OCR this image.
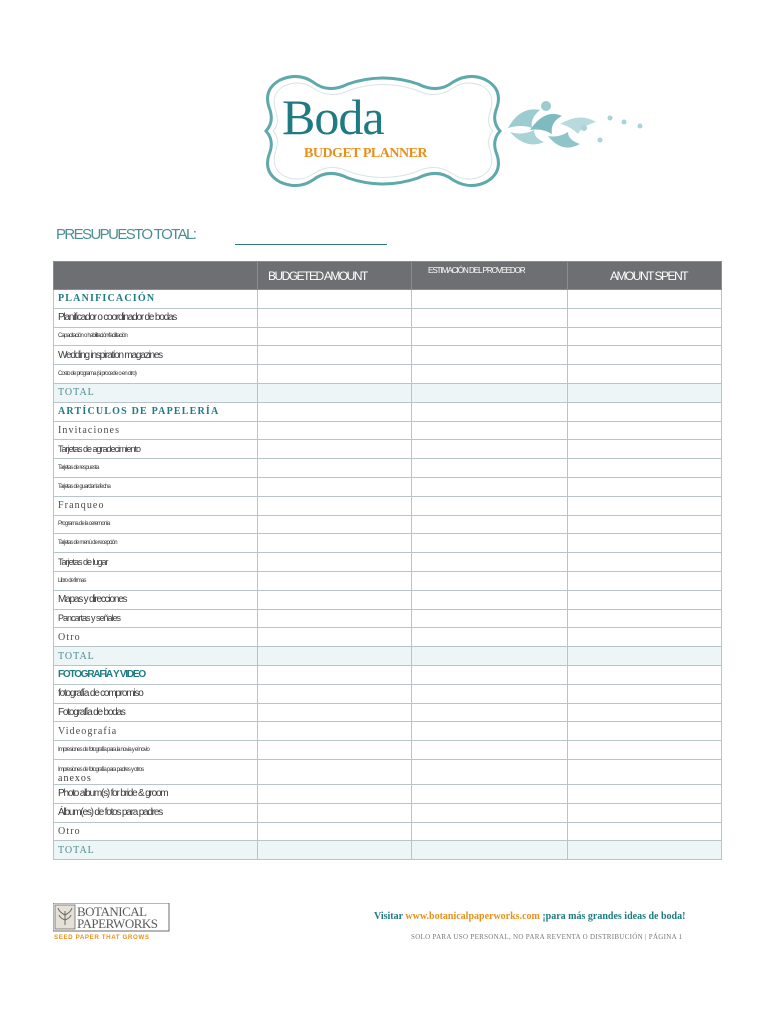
Boda
BUDGET PLANNER
PRESUPUESTO TOTAL:
	BUDGETED AMOUNT	ESTIMACIÓN DEL PROVEEDOR	AMOUNT SPENT
PLANIFICACIÓN			
Planificador o coordinador de bodas			
Capacitación o habilitación/facilitación			
Wedding inspiration magazines			
Costo de programa (si procede o en otro)			
TOTAL			
ARTÍCULOS DE PAPELERÍA			
Invitaciones			
Tarjetas de agradecimiento			
Tarjetas de respuesta			
Tarjetas de guardar la fecha			
Franqueo			
Programa de la ceremonia			
Tarjetas de menú de recepción			
Tarjetas de lugar			
Libro de firmas			
Mapas y direcciones			
Pancartas y señales			
Otro			
TOTAL			
FOTOGRAFÍA Y VIDEO			
fotografía de compromiso			
Fotografía de bodas			
Videografía			
Impresiones de fotografía para la novia y el novio			
Impresiones de fotografía para padres y otros
anexos			

Photo album(s) for bride & groom			
Álbum(es) de fotos para padres			
Otro			
TOTAL			
BOTANICAL
PAPERWORKS
SEED PAPER THAT GROWS
Visitar www.botanicalpaperworks.com ¡para más grandes ideas de boda!
SOLO PARA USO PERSONAL, NO PARA REVENTA O DISTRIBUCIÓN | PÁGINA 1
